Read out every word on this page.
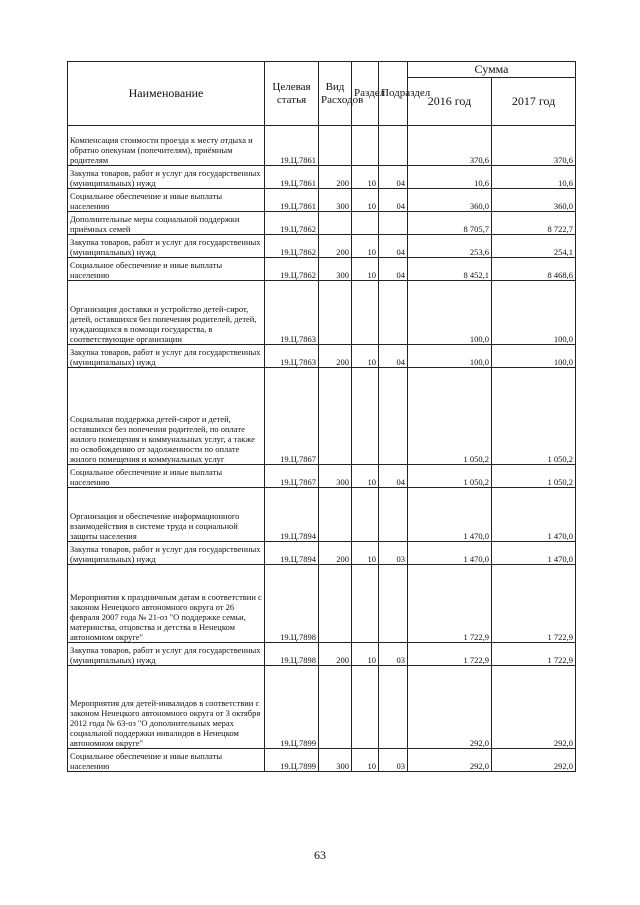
Наименование	Целевая статья	Вид Расходов	Раздел	Подраздел	Сумма	
					2016 год	2017 год
Компенсация стоимости проезда к месту отдыха и обратно опекунам (попечителям), приёмным родителям	19.Ц.7861				370,6	370,6
Закупка товаров, работ и услуг для государственных (муниципальных) нужд	19.Ц.7861	200	10	04	10,6	10,6
Социальное обеспечение и иные выплаты населению	19.Ц.7861	300	10	04	360,0	360,0
Дополнительные меры социальной поддержки приёмных семей	19.Ц.7862				8 705,7	8 722,7
Закупка товаров, работ и услуг для государственных (муниципальных) нужд	19.Ц.7862	200	10	04	253,6	254,1
Социальное обеспечение и иные выплаты населению	19.Ц.7862	300	10	04	8 452,1	8 468,6
Организация доставки и устройство детей-сирот, детей, оставшихся без попечения родителей, детей, нуждающихся в помощи государства, в соответствующие организации	19.Ц.7863				100,0	100,0
Закупка товаров, работ и услуг для государственных (муниципальных) нужд	19.Ц.7863	200	10	04	100,0	100,0
Социальная поддержка детей-сирот и детей, оставшихся без попечения родителей, по оплате жилого помещения и коммунальных услуг, а также по освобождению от задолженности по оплате жилого помещения и коммунальных услуг	19.Ц.7867				1 050,2	1 050,2
Социальное обеспечение и иные выплаты населению	19.Ц.7867	300	10	04	1 050,2	1 050,2
Организация и обеспечение информационного взаимодействия в системе труда и социальной защиты населения	19.Ц.7894				1 470,0	1 470,0
Закупка товаров, работ и услуг для государственных (муниципальных) нужд	19.Ц.7894	200	10	03	1 470,0	1 470,0
Мероприятия к праздничным датам в соответствии с законом Ненецкого автономного округа от 26 февраля 2007 года № 21-оз "О поддержке семьи, материнства, отцовства и детства в Ненецком автономном округе"	19.Ц.7898				1 722,9	1 722,9
Закупка товаров, работ и услуг для государственных (муниципальных) нужд	19.Ц.7898	200	10	03	1 722,9	1 722,9
Мероприятия для детей-инвалидов в соответствии с законом Ненецкого автономного округа от 3 октября 2012 года № 63-оз "О дополнительных мерах социальной поддержки инвалидов в Ненецком автономном округе"	19.Ц.7899				292,0	292,0
Социальное обеспечение и иные выплаты населению	19.Ц.7899	300	10	03	292,0	292,0
63
